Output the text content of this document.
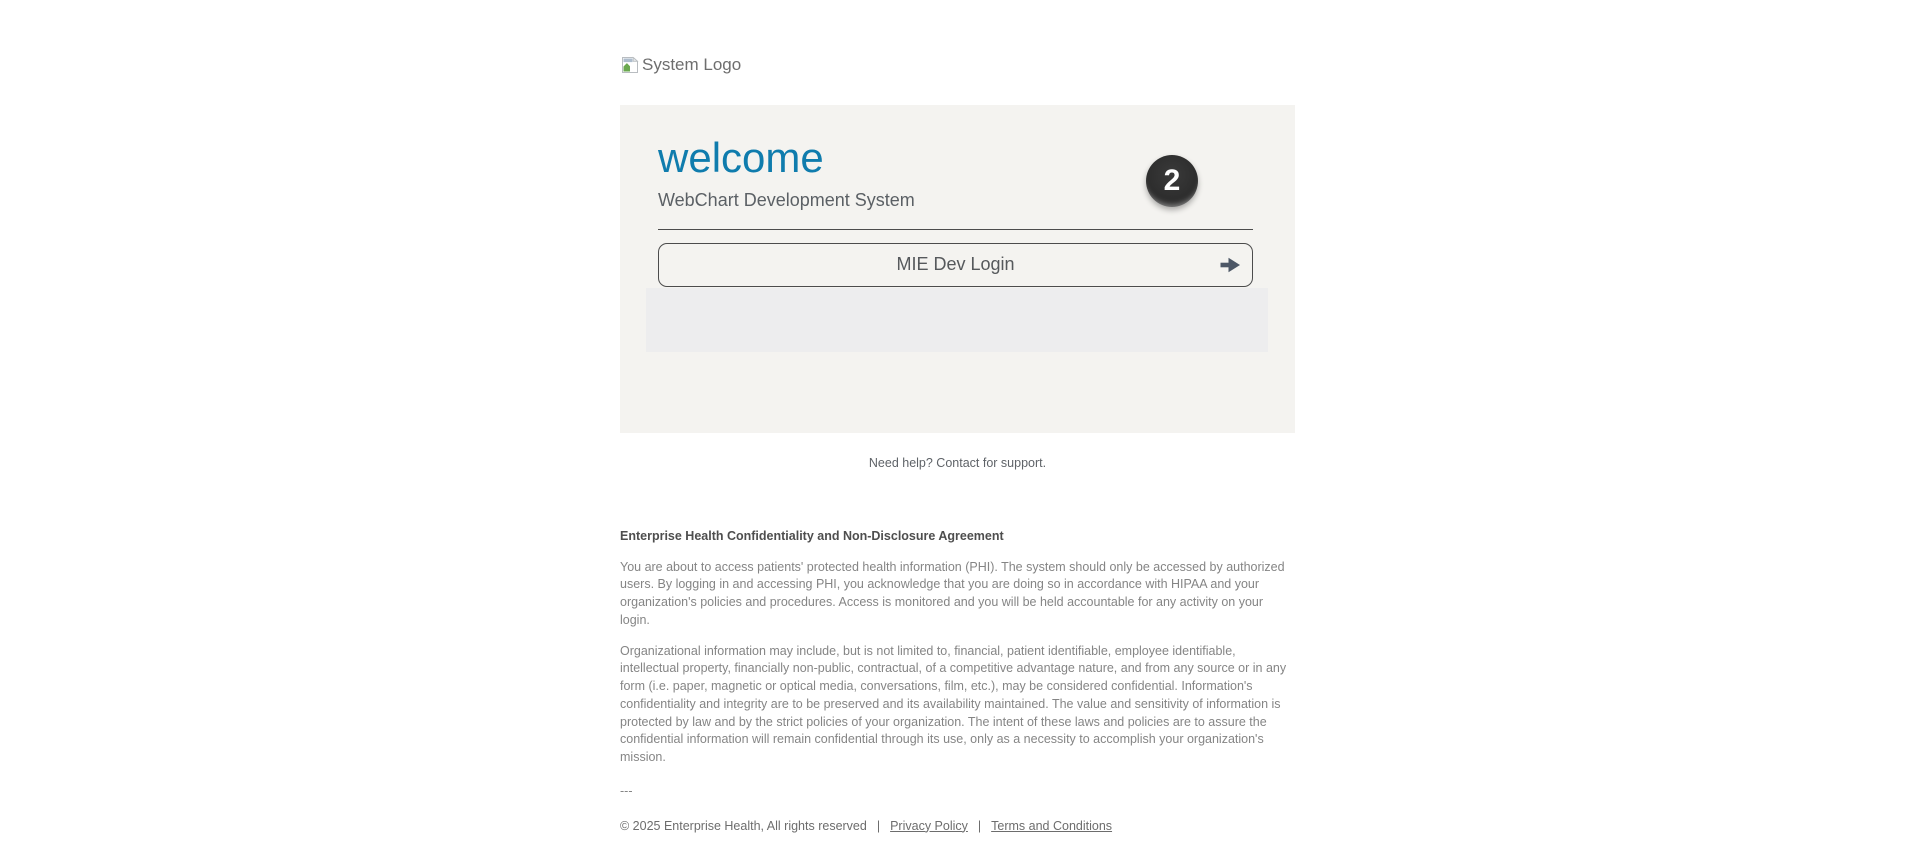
System Logo
welcome
WebChart Development System
2
MIE Dev Login
Need help? Contact for support.
Enterprise Health Confidentiality and Non-Disclosure Agreement

You are about to access patients' protected health information (PHI). The system should only be accessed by authorized users. By logging in and accessing PHI, you acknowledge that you are doing so in accordance with HIPAA and your organization's policies and procedures. Access is monitored and you will be held accountable for any activity on your login.

Organizational information may include, but is not limited to, financial, patient identifiable, employee identifiable, intellectual property, financially non-public, contractual, of a competitive advantage nature, and from any source or in any form (i.e. paper, magnetic or optical media, conversations, film, etc.), may be considered confidential. Information's confidentiality and integrity are to be preserved and its availability maintained. The value and sensitivity of information is protected by law and by the strict policies of your organization. The intent of these laws and policies are to assure the confidential information will remain confidential through its use, only as a necessity to accomplish your organization's mission.

---
© 2025 Enterprise Health, All rights reserved | Privacy Policy | Terms and Conditions
